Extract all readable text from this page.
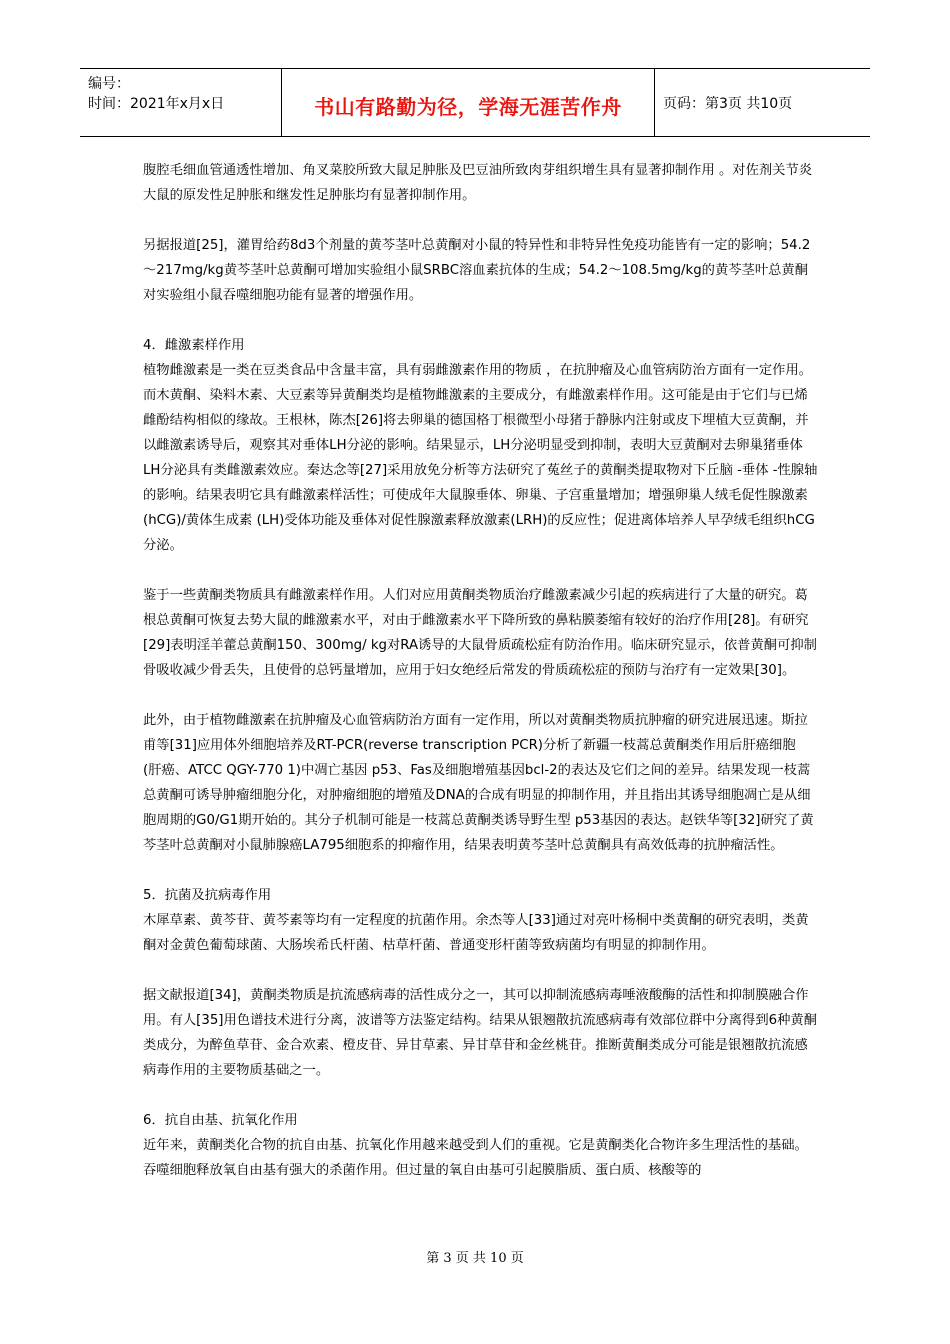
编号：
时间：2021年x月x日	书山有路勤为径，学海无涯苦作舟	页码：第3页 共10页

腹腔毛细血管通透性增加、角叉菜胶所致大鼠足肿胀及巴豆油所致肉芽组织增生具有显著抑制作用 。对佐剂关节炎大鼠的原发性足肿胀和继发性足肿胀均有显著抑制作用。

另据报道[25]，灌胃给药8d3个剂量的黄芩茎叶总黄酮对小鼠的特异性和非特异性免疫功能皆有一定的影响；54.2～217mg/kg黄芩茎叶总黄酮可增加实验组小鼠SRBC溶血素抗体的生成；54.2～108.5mg/kg的黄芩茎叶总黄酮对实验组小鼠吞噬细胞功能有显著的增强作用。

4．雌激素样作用

植物雌激素是一类在豆类食品中含量丰富，具有弱雌激素作用的物质 ，在抗肿瘤及心血管病防治方面有一定作用。而木黄酮、染料木素、大豆素等异黄酮类均是植物雌激素的主要成分，有雌激素样作用。这可能是由于它们与已烯雌酚结构相似的缘故。王根林，陈杰[26]将去卵巢的德国格丁根微型小母猪于静脉内注射或皮下埋植大豆黄酮，并以雌激素诱导后，观察其对垂体LH分泌的影响。结果显示，LH分泌明显受到抑制，表明大豆黄酮对去卵巢猪垂体LH分泌具有类雌激素效应。秦达念等[27]采用放免分析等方法研究了菟丝子的黄酮类提取物对下丘脑 -垂体 -性腺轴的影响。结果表明它具有雌激素样活性；可使成年大鼠腺垂体、卵巢、子宫重量增加；增强卵巢人绒毛促性腺激素(hCG)/黄体生成素 (LH)受体功能及垂体对促性腺激素释放激素(LRH)的反应性；促进离体培养人早孕绒毛组织hCG分泌。

鉴于一些黄酮类物质具有雌激素样作用。人们对应用黄酮类物质治疗雌激素减少引起的疾病进行了大量的研究。葛根总黄酮可恢复去势大鼠的雌激素水平，对由于雌激素水平下降所致的鼻粘膜萎缩有较好的治疗作用[28]。有研究[29]表明淫羊藿总黄酮150、300mg/ kg对RA诱导的大鼠骨质疏松症有防治作用。临床研究显示，依普黄酮可抑制骨吸收减少骨丢失，且使骨的总钙量增加，应用于妇女绝经后常发的骨质疏松症的预防与治疗有一定效果[30]。

此外，由于植物雌激素在抗肿瘤及心血管病防治方面有一定作用，所以对黄酮类物质抗肿瘤的研究进展迅速。斯拉甫等[31]应用体外细胞培养及RT-PCR(reverse transcription PCR)分析了新疆一枝蒿总黄酮类作用后肝癌细胞 (肝癌、ATCC QGY-770 1)中凋亡基因 p53、Fas及细胞增殖基因bcl-2的表达及它们之间的差异。结果发现一枝蒿总黄酮可诱导肿瘤细胞分化，对肿瘤细胞的增殖及DNA的合成有明显的抑制作用，并且指出其诱导细胞凋亡是从细胞周期的G0/G1期开始的。其分子机制可能是一枝蒿总黄酮类诱导野生型 p53基因的表达。赵铁华等[32]研究了黄芩茎叶总黄酮对小鼠肺腺癌LA795细胞系的抑瘤作用，结果表明黄芩茎叶总黄酮具有高效低毒的抗肿瘤活性。

5．抗菌及抗病毒作用

木犀草素、黄芩苷、黄芩素等均有一定程度的抗菌作用。余杰等人[33]通过对亮叶杨桐中类黄酮的研究表明，类黄酮对金黄色葡萄球菌、大肠埃希氏杆菌、枯草杆菌、普通变形杆菌等致病菌均有明显的抑制作用。

据文献报道[34]，黄酮类物质是抗流感病毒的活性成分之一，其可以抑制流感病毒唾液酸酶的活性和抑制膜融合作用。有人[35]用色谱技术进行分离，波谱等方法鉴定结构。结果从银翘散抗流感病毒有效部位群中分离得到6种黄酮类成分，为醉鱼草苷、金合欢素、橙皮苷、异甘草素、异甘草苷和金丝桃苷。推断黄酮类成分可能是银翘散抗流感病毒作用的主要物质基础之一。

6．抗自由基、抗氧化作用

近年来，黄酮类化合物的抗自由基、抗氧化作用越来越受到人们的重视。它是黄酮类化合物许多生理活性的基础。吞噬细胞释放氧自由基有强大的杀菌作用。但过量的氧自由基可引起膜脂质、蛋白质、核酸等的

第 3 页 共 10 页
